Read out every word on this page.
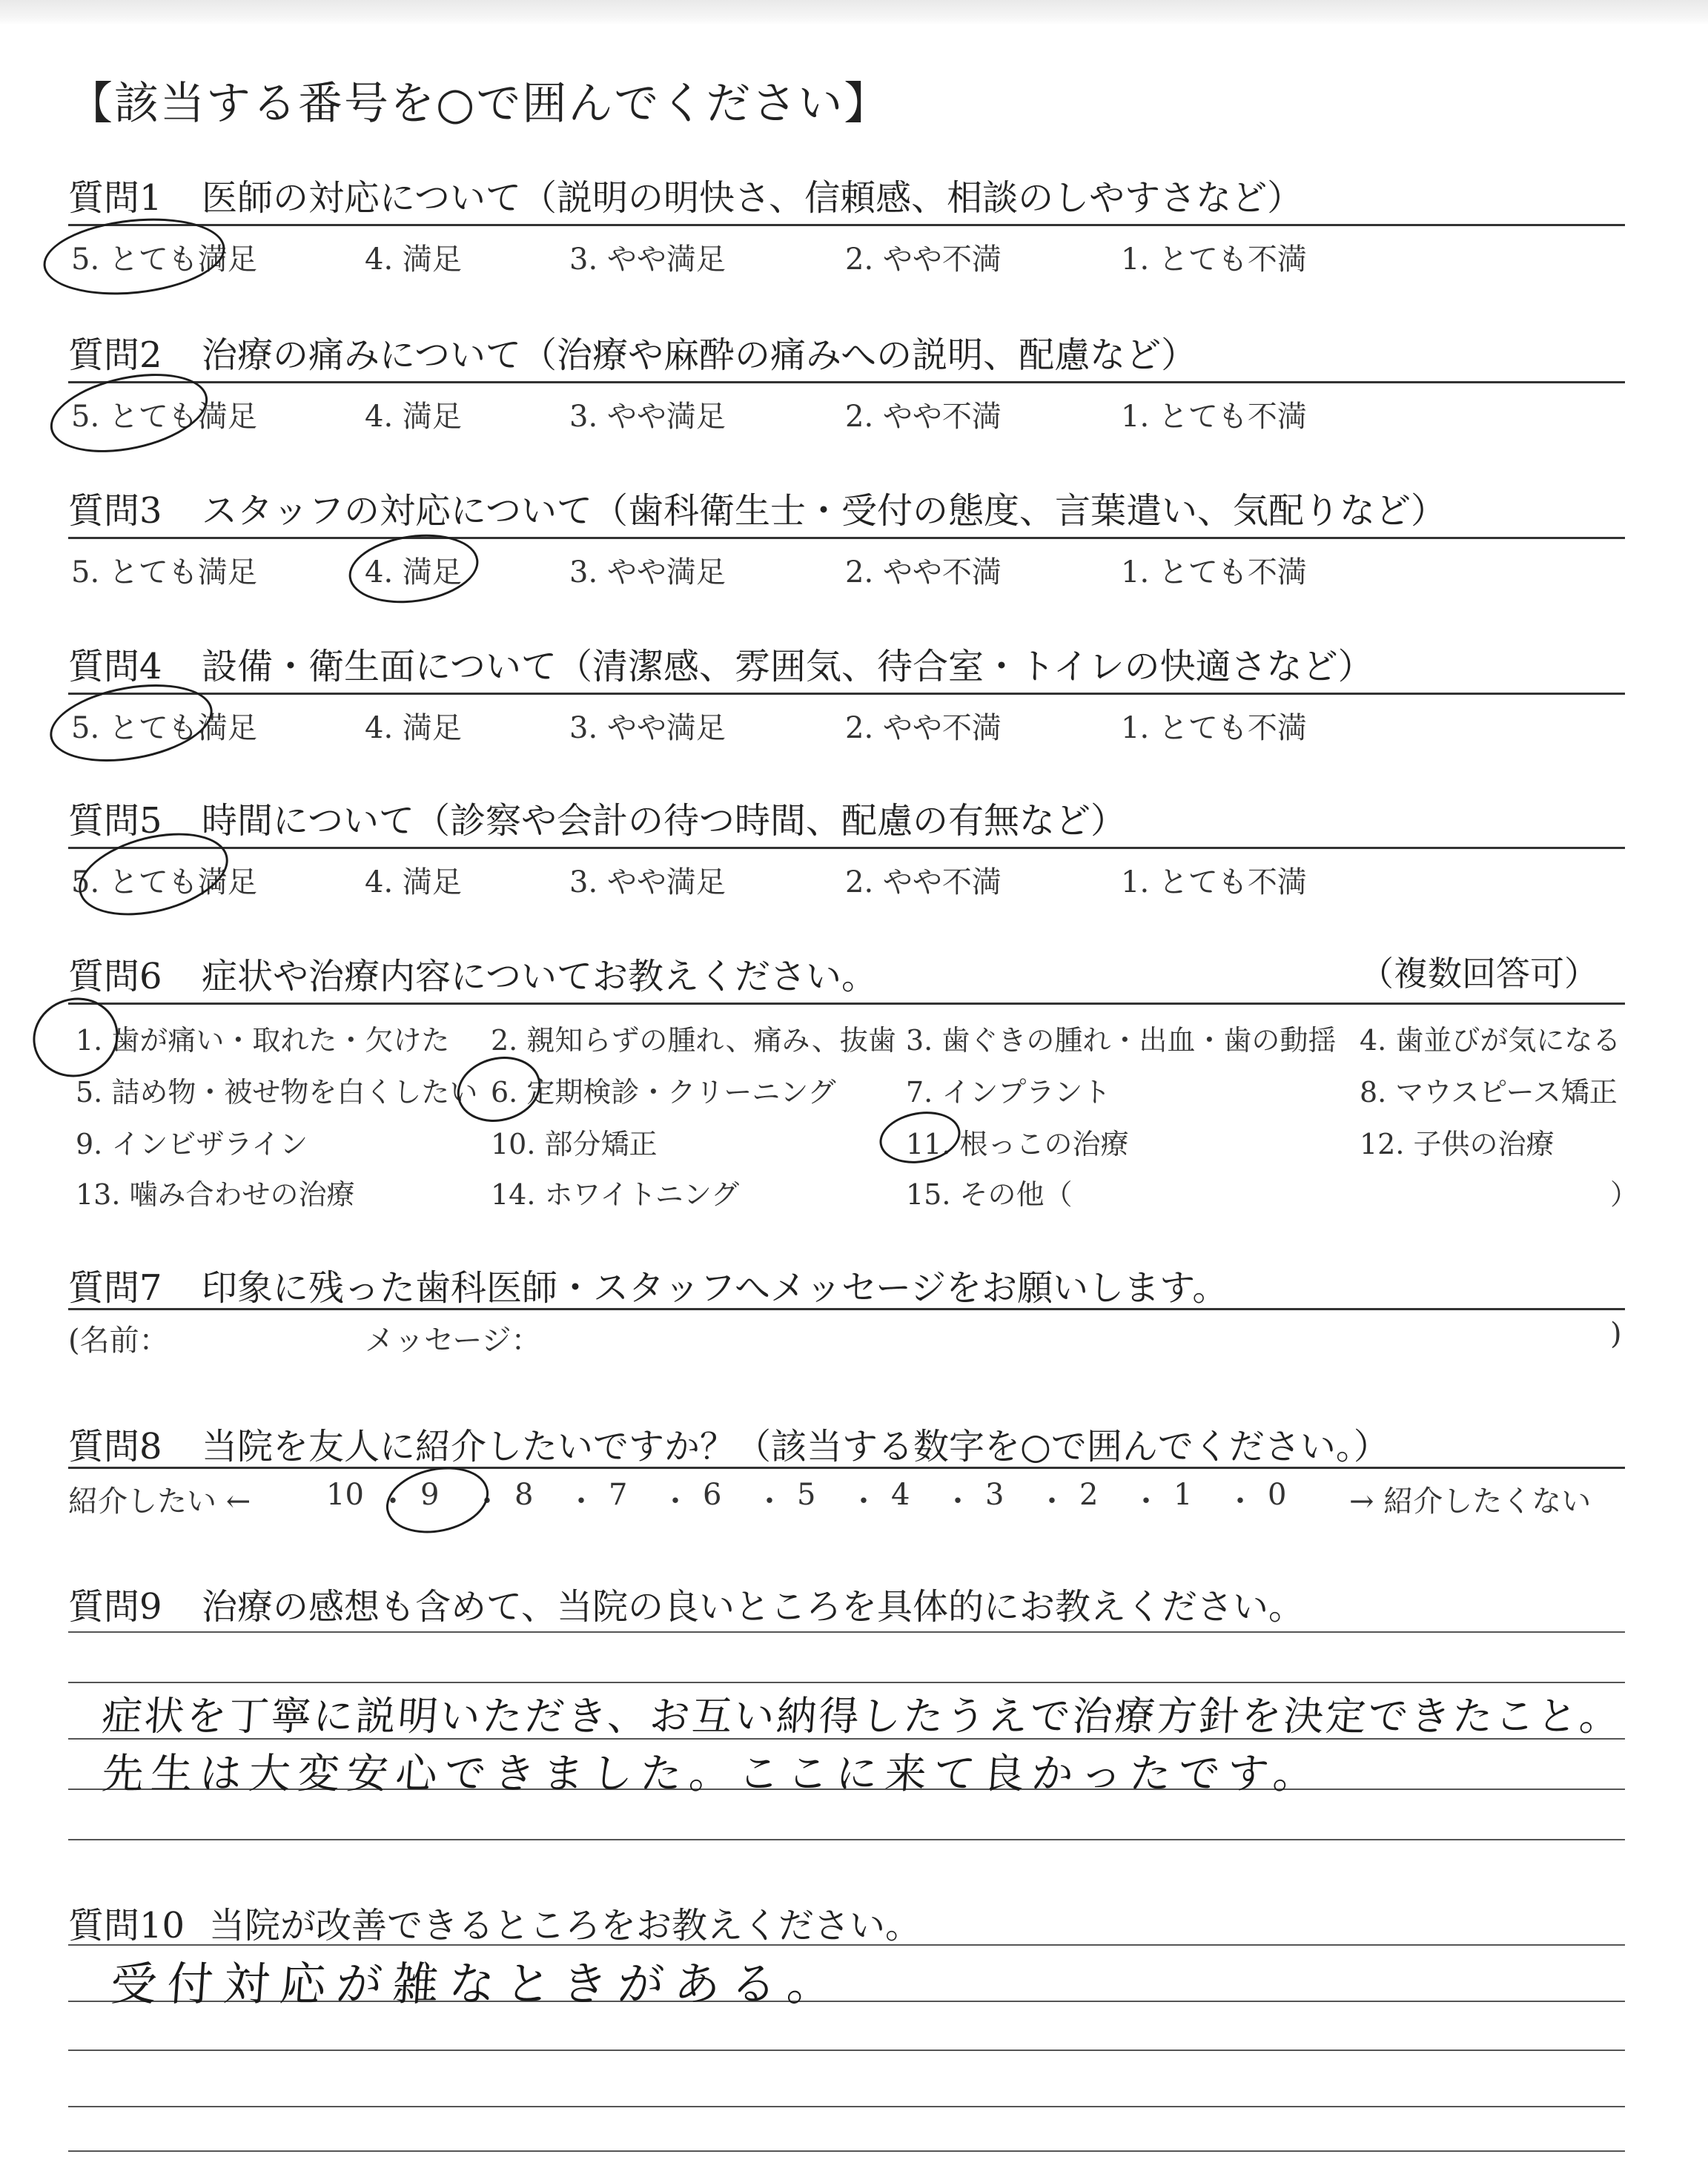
【該当する番号を○で囲んでください】
質問1 医師の対応について（説明の明快さ、信頼感、相談のしやすさなど）
5. とても満足	4. 満足	3. やや満足	2. やや不満	1. とても不満
質問2 治療の痛みについて（治療や麻酔の痛みへの説明、配慮など）
5. とても満足	4. 満足	3. やや満足	2. やや不満	1. とても不満
質問3 スタッフの対応について（歯科衛生士・受付の態度、言葉遣い、気配りなど）
5. とても満足	4. 満足	3. やや満足	2. やや不満	1. とても不満
質問4 設備・衛生面について（清潔感、雰囲気、待合室・トイレの快適さなど）
5. とても満足	4. 満足	3. やや満足	2. やや不満	1. とても不満
質問5 時間について（診察や会計の待つ時間、配慮の有無など）
5. とても満足	4. 満足	3. やや満足	2. やや不満	1. とても不満
質問6 症状や治療内容についてお教えください。	（複数回答可）
1. 歯が痛い・取れた・欠けた 2. 親知らずの腫れ、痛み、抜歯 3. 歯ぐきの腫れ・出血・歯の動揺 4. 歯並びが気になる
5. 詰め物・被せ物を白くしたい 6. 定期検診・クリーニング 7. インプラント	8. マウスピース矯正
9. インビザライン	10. 部分矯正	11. 根っこの治療	12. 子供の治療
13. 噛み合わせの治療	14. ホワイトニング	15. その他（	）
質問7 印象に残った歯科医師・スタッフへメッセージをお願いします。
(名前：	メッセージ：	)
質問8 当院を友人に紹介したいですか？（該当する数字を○で囲んでください。）
紹介したい ←	→ 紹介したくない
10 ・ 9 ・ 8 ・ 7 ・ 6 ・ 5 ・ 4 ・ 3 ・ 2 ・ 1 ・ 0
質問9 治療の感想も含めて、当院の良いところを具体的にお教えください。
症状を丁寧に説明いただき、お互い納得したうえで治療方針を決定できたこと。
先生は大変安心できました。ここに来て良かったです。
質問10 当院が改善できるところをお教えください。
受付対応が雑なときがある。
